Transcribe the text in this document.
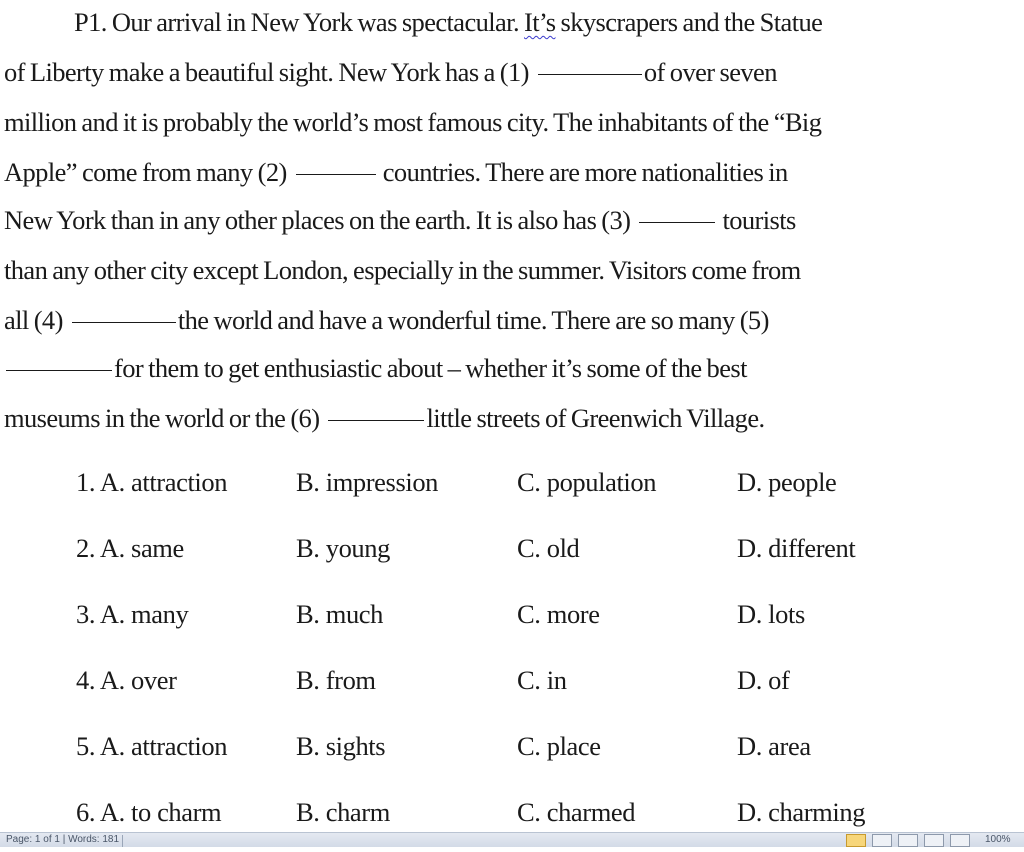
P1. Our arrival in New York was spectacular. It’s skyscrapers and the Statue
of Liberty make a beautiful sight. New York has a (1)	of over seven
million and it is probably the world’s most famous city. The inhabitants of the “Big
Apple” come from many (2)	countries. There are more nationalities in
New York than in any other places on the earth. It is also has (3)	tourists
than any other city except London, especially in the summer. Visitors come from
all (4)	the world and have a wonderful time. There are so many (5)
for them to get enthusiastic about – whether it’s some of the best
museums in the world or the (6)	little streets of Greenwich Village.
1. A. attraction	B. impression	C. population	D. people
2. A. same	B. young	C. old	D. different
3. A. many	B. much	C. more	D. lots
4. A. over	B. from	C. in	D. of
5. A. attraction	B. sights	C. place	D. area
6. A. to charm	B. charm	C. charmed	D. charming
Page: 1 of 1 | Words: 181	100%
